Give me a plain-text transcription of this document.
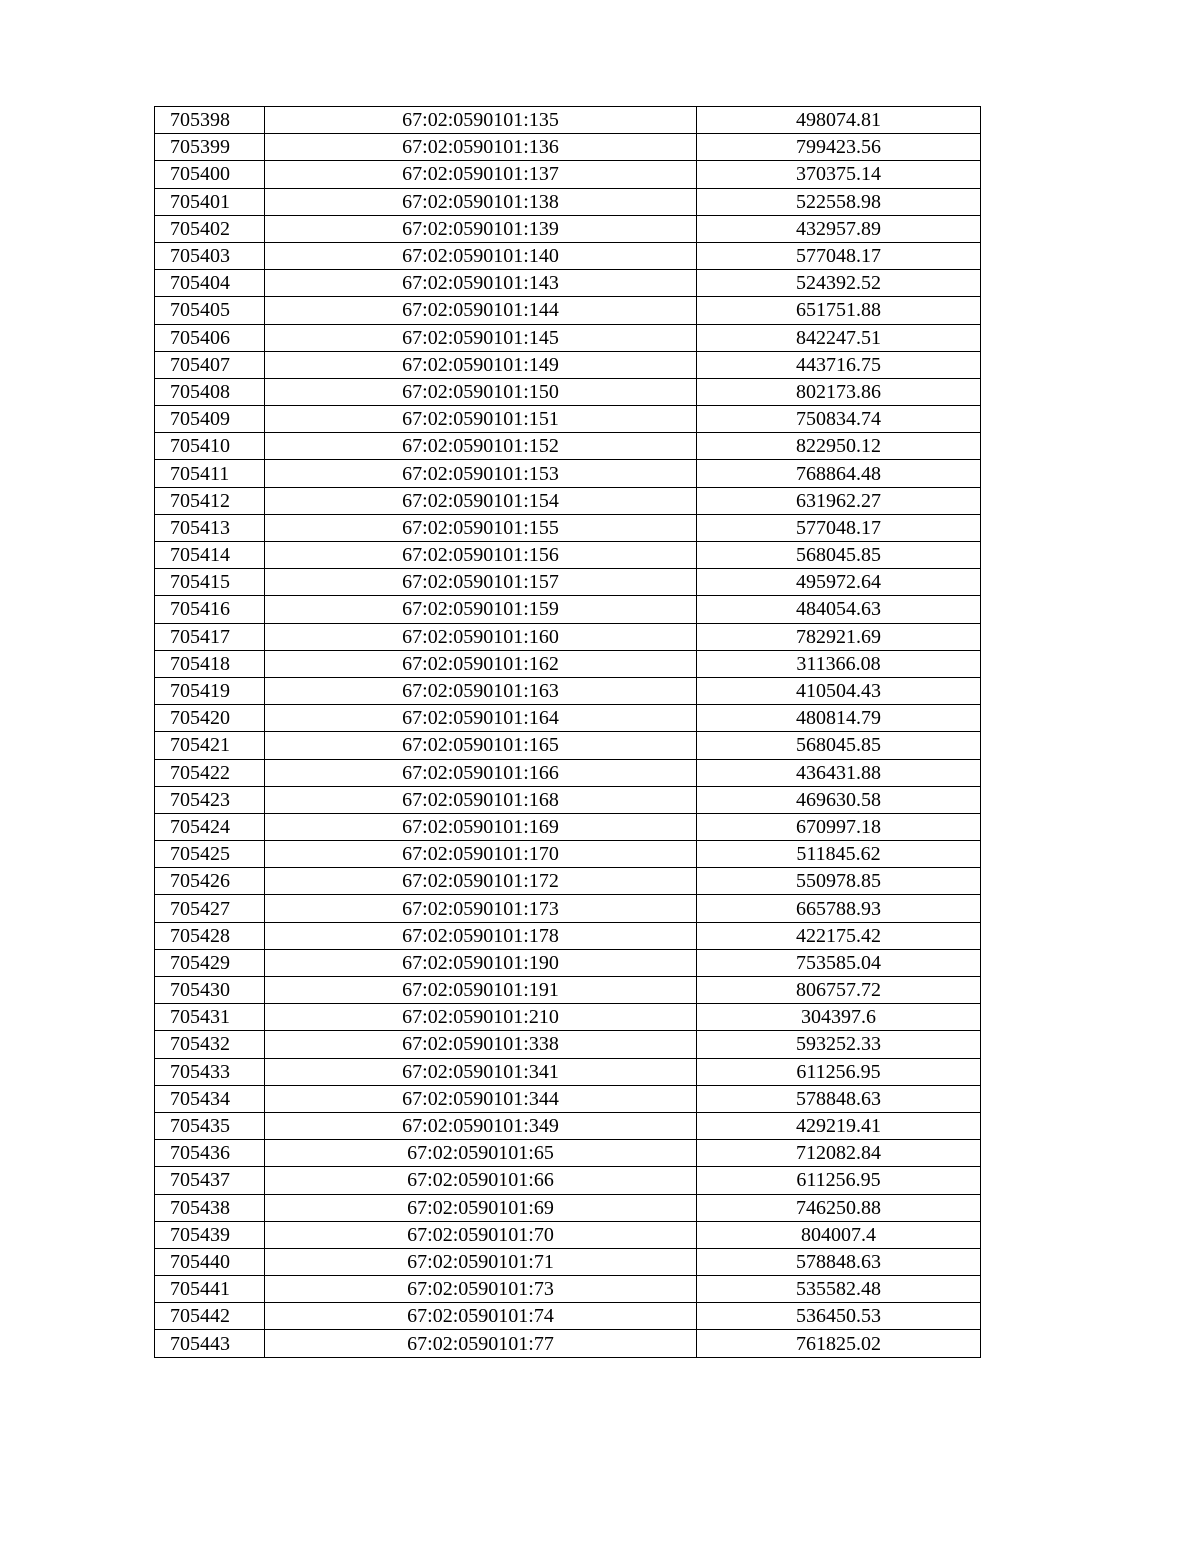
705398	67:02:0590101:135	498074.81
705399	67:02:0590101:136	799423.56
705400	67:02:0590101:137	370375.14
705401	67:02:0590101:138	522558.98
705402	67:02:0590101:139	432957.89
705403	67:02:0590101:140	577048.17
705404	67:02:0590101:143	524392.52
705405	67:02:0590101:144	651751.88
705406	67:02:0590101:145	842247.51
705407	67:02:0590101:149	443716.75
705408	67:02:0590101:150	802173.86
705409	67:02:0590101:151	750834.74
705410	67:02:0590101:152	822950.12
705411	67:02:0590101:153	768864.48
705412	67:02:0590101:154	631962.27
705413	67:02:0590101:155	577048.17
705414	67:02:0590101:156	568045.85
705415	67:02:0590101:157	495972.64
705416	67:02:0590101:159	484054.63
705417	67:02:0590101:160	782921.69
705418	67:02:0590101:162	311366.08
705419	67:02:0590101:163	410504.43
705420	67:02:0590101:164	480814.79
705421	67:02:0590101:165	568045.85
705422	67:02:0590101:166	436431.88
705423	67:02:0590101:168	469630.58
705424	67:02:0590101:169	670997.18
705425	67:02:0590101:170	511845.62
705426	67:02:0590101:172	550978.85
705427	67:02:0590101:173	665788.93
705428	67:02:0590101:178	422175.42
705429	67:02:0590101:190	753585.04
705430	67:02:0590101:191	806757.72
705431	67:02:0590101:210	304397.6
705432	67:02:0590101:338	593252.33
705433	67:02:0590101:341	611256.95
705434	67:02:0590101:344	578848.63
705435	67:02:0590101:349	429219.41
705436	67:02:0590101:65	712082.84
705437	67:02:0590101:66	611256.95
705438	67:02:0590101:69	746250.88
705439	67:02:0590101:70	804007.4
705440	67:02:0590101:71	578848.63
705441	67:02:0590101:73	535582.48
705442	67:02:0590101:74	536450.53
705443	67:02:0590101:77	761825.02
